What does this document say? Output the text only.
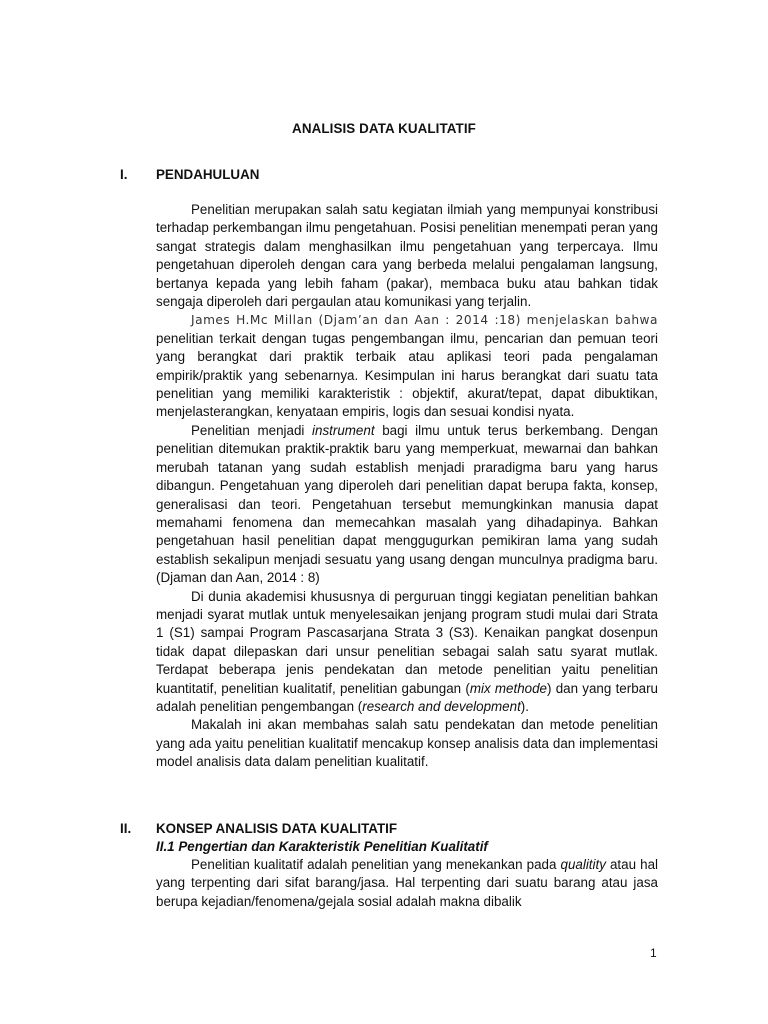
ANALISIS DATA KUALITATIF
I. PENDAHULUAN

Penelitian merupakan salah satu kegiatan ilmiah yang mempunyai konstribusi terhadap perkembangan ilmu pengetahuan. Posisi penelitian menempati peran yang sangat strategis dalam menghasilkan ilmu pengetahuan yang terpercaya. Ilmu pengetahuan diperoleh dengan cara yang berbeda melalui pengalaman langsung, bertanya kepada yang lebih faham (pakar), membaca buku atau bahkan tidak sengaja diperoleh dari pergaulan atau komunikasi yang terjalin.

James H.Mc Millan (Djam’an dan Aan : 2014 :18) menjelaskan bahwa penelitian terkait dengan tugas pengembangan ilmu, pencarian dan pemuan teori yang berangkat dari praktik terbaik atau aplikasi teori pada pengalaman empirik/praktik yang sebenarnya. Kesimpulan ini harus berangkat dari suatu tata penelitian yang memiliki karakteristik : objektif, akurat/tepat, dapat dibuktikan, menjelasterangkan, kenyataan empiris, logis dan sesuai kondisi nyata.

Penelitian menjadi instrument bagi ilmu untuk terus berkembang. Dengan penelitian ditemukan praktik-praktik baru yang memperkuat, mewarnai dan bahkan merubah tatanan yang sudah establish menjadi praradigma baru yang harus dibangun. Pengetahuan yang diperoleh dari penelitian dapat berupa fakta, konsep, generalisasi dan teori. Pengetahuan tersebut memungkinkan manusia dapat memahami fenomena dan memecahkan masalah yang dihadapinya. Bahkan pengetahuan hasil penelitian dapat menggugurkan pemikiran lama yang sudah establish sekalipun menjadi sesuatu yang usang dengan munculnya pradigma baru. (Djaman dan Aan, 2014 : 8)

Di dunia akademisi khususnya di perguruan tinggi kegiatan penelitian bahkan menjadi syarat mutlak untuk menyelesaikan jenjang program studi mulai dari Strata 1 (S1) sampai Program Pascasarjana Strata 3 (S3). Kenaikan pangkat dosenpun tidak dapat dilepaskan dari unsur penelitian sebagai salah satu syarat mutlak. Terdapat beberapa jenis pendekatan dan metode penelitian yaitu penelitian kuantitatif, penelitian kualitatif, penelitian gabungan (mix methode) dan yang terbaru adalah penelitian pengembangan (research and development).

Makalah ini akan membahas salah satu pendekatan dan metode penelitian yang ada yaitu penelitian kualitatif mencakup konsep analisis data dan implementasi model analisis data dalam penelitian kualitatif.

II. KONSEP ANALISIS DATA KUALITATIF
II.1 Pengertian dan Karakteristik Penelitian Kualitatif

Penelitian kualitatif adalah penelitian yang menekankan pada qualitity atau hal yang terpenting dari sifat barang/jasa. Hal terpenting dari suatu barang atau jasa berupa kejadian/fenomena/gejala sosial adalah makna dibalik

1
